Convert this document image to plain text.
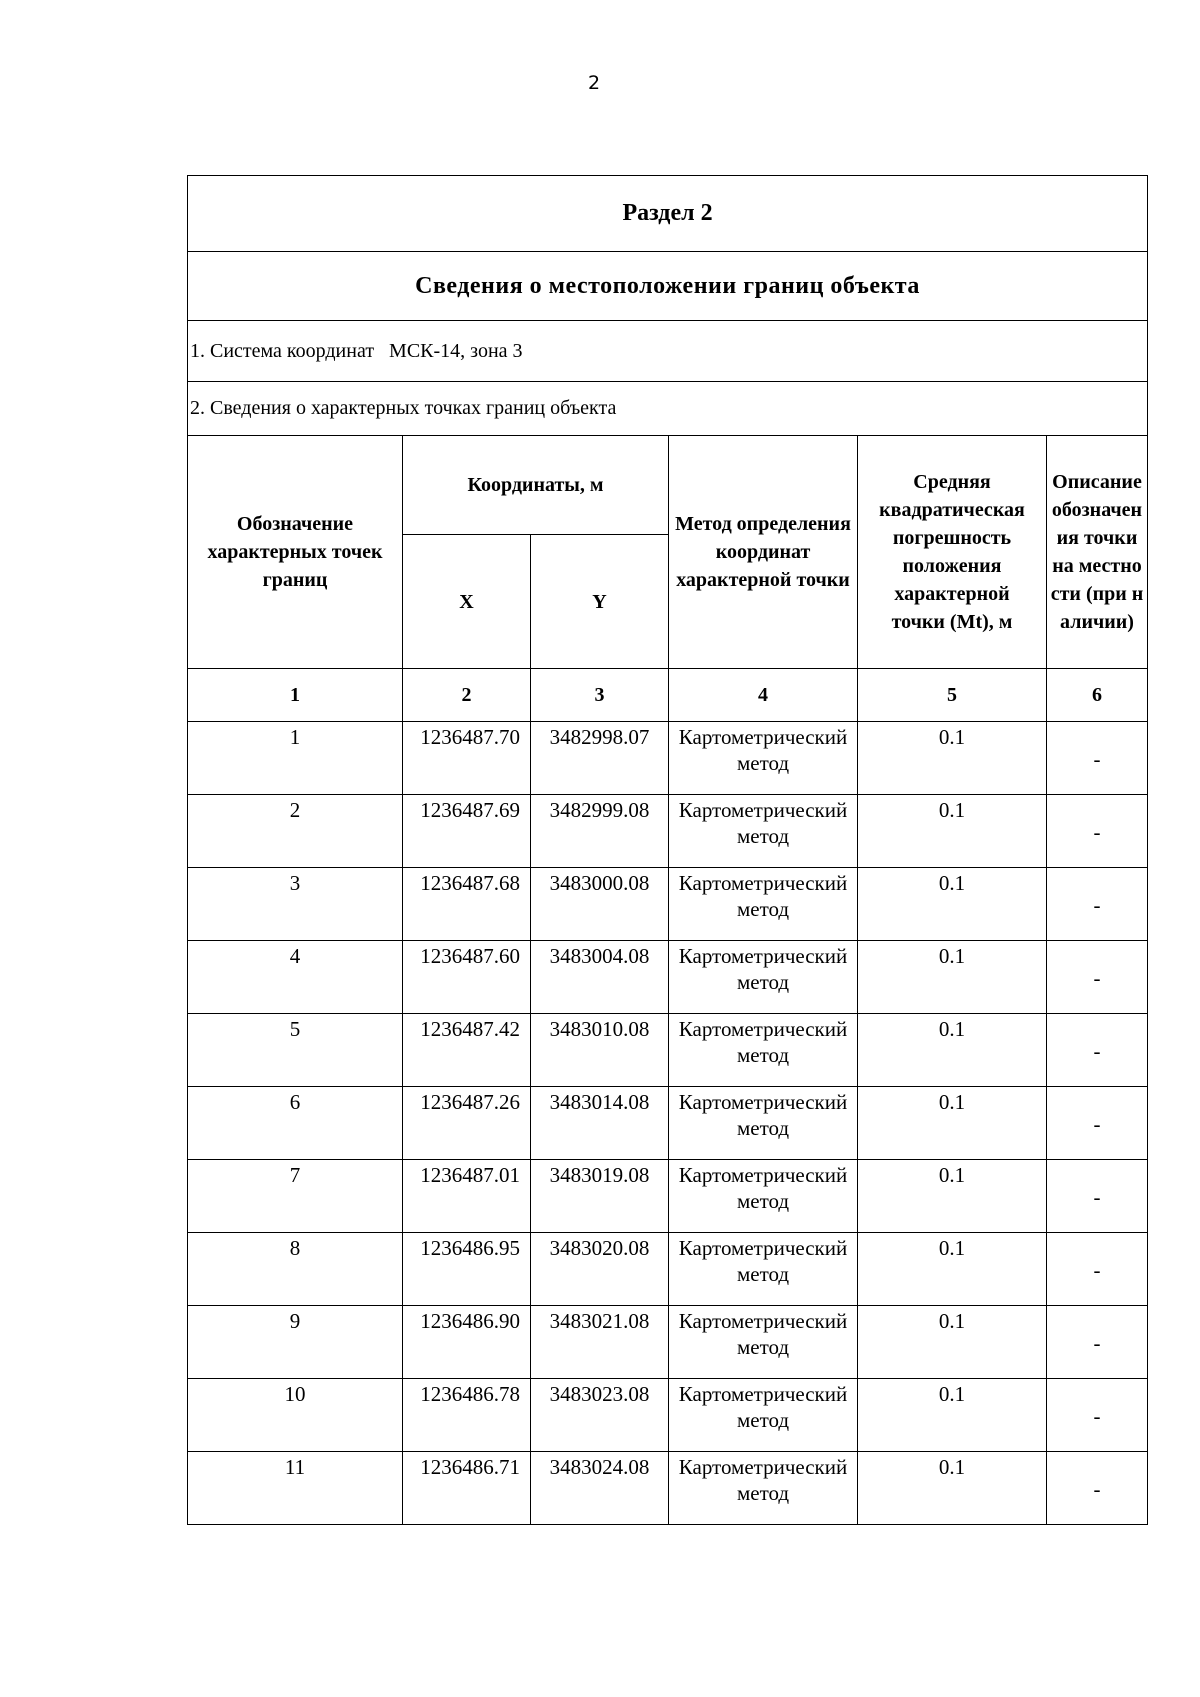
2
Раздел 2					
Сведения о местоположении границ объекта					
1. Система координат   МСК-14, зона 3					
2. Сведения о характерных точках границ объекта					
Обозначение характерных точек границ	Координаты, м		Метод определения координат характерной точки	Средняя квадратическая погрешность положения характерной точки (Mt), м	Описание обозначения точки на местности (при наличии)
	X	Y			
1	2	3	4	5	6

1	1236487.70	3482998.07	Картометрический метод	0.1	-

2	1236487.69	3482999.08	Картометрический метод	0.1	-

3	1236487.68	3483000.08	Картометрический метод	0.1	-

4	1236487.60	3483004.08	Картометрический метод	0.1	-

5	1236487.42	3483010.08	Картометрический метод	0.1	-

6	1236487.26	3483014.08	Картометрический метод	0.1	-

7	1236487.01	3483019.08	Картометрический метод	0.1	-

8	1236486.95	3483020.08	Картометрический метод	0.1	-

9	1236486.90	3483021.08	Картометрический метод	0.1	-

10	1236486.78	3483023.08	Картометрический метод	0.1	-

11	1236486.71	3483024.08	Картометрический метод	0.1	-
